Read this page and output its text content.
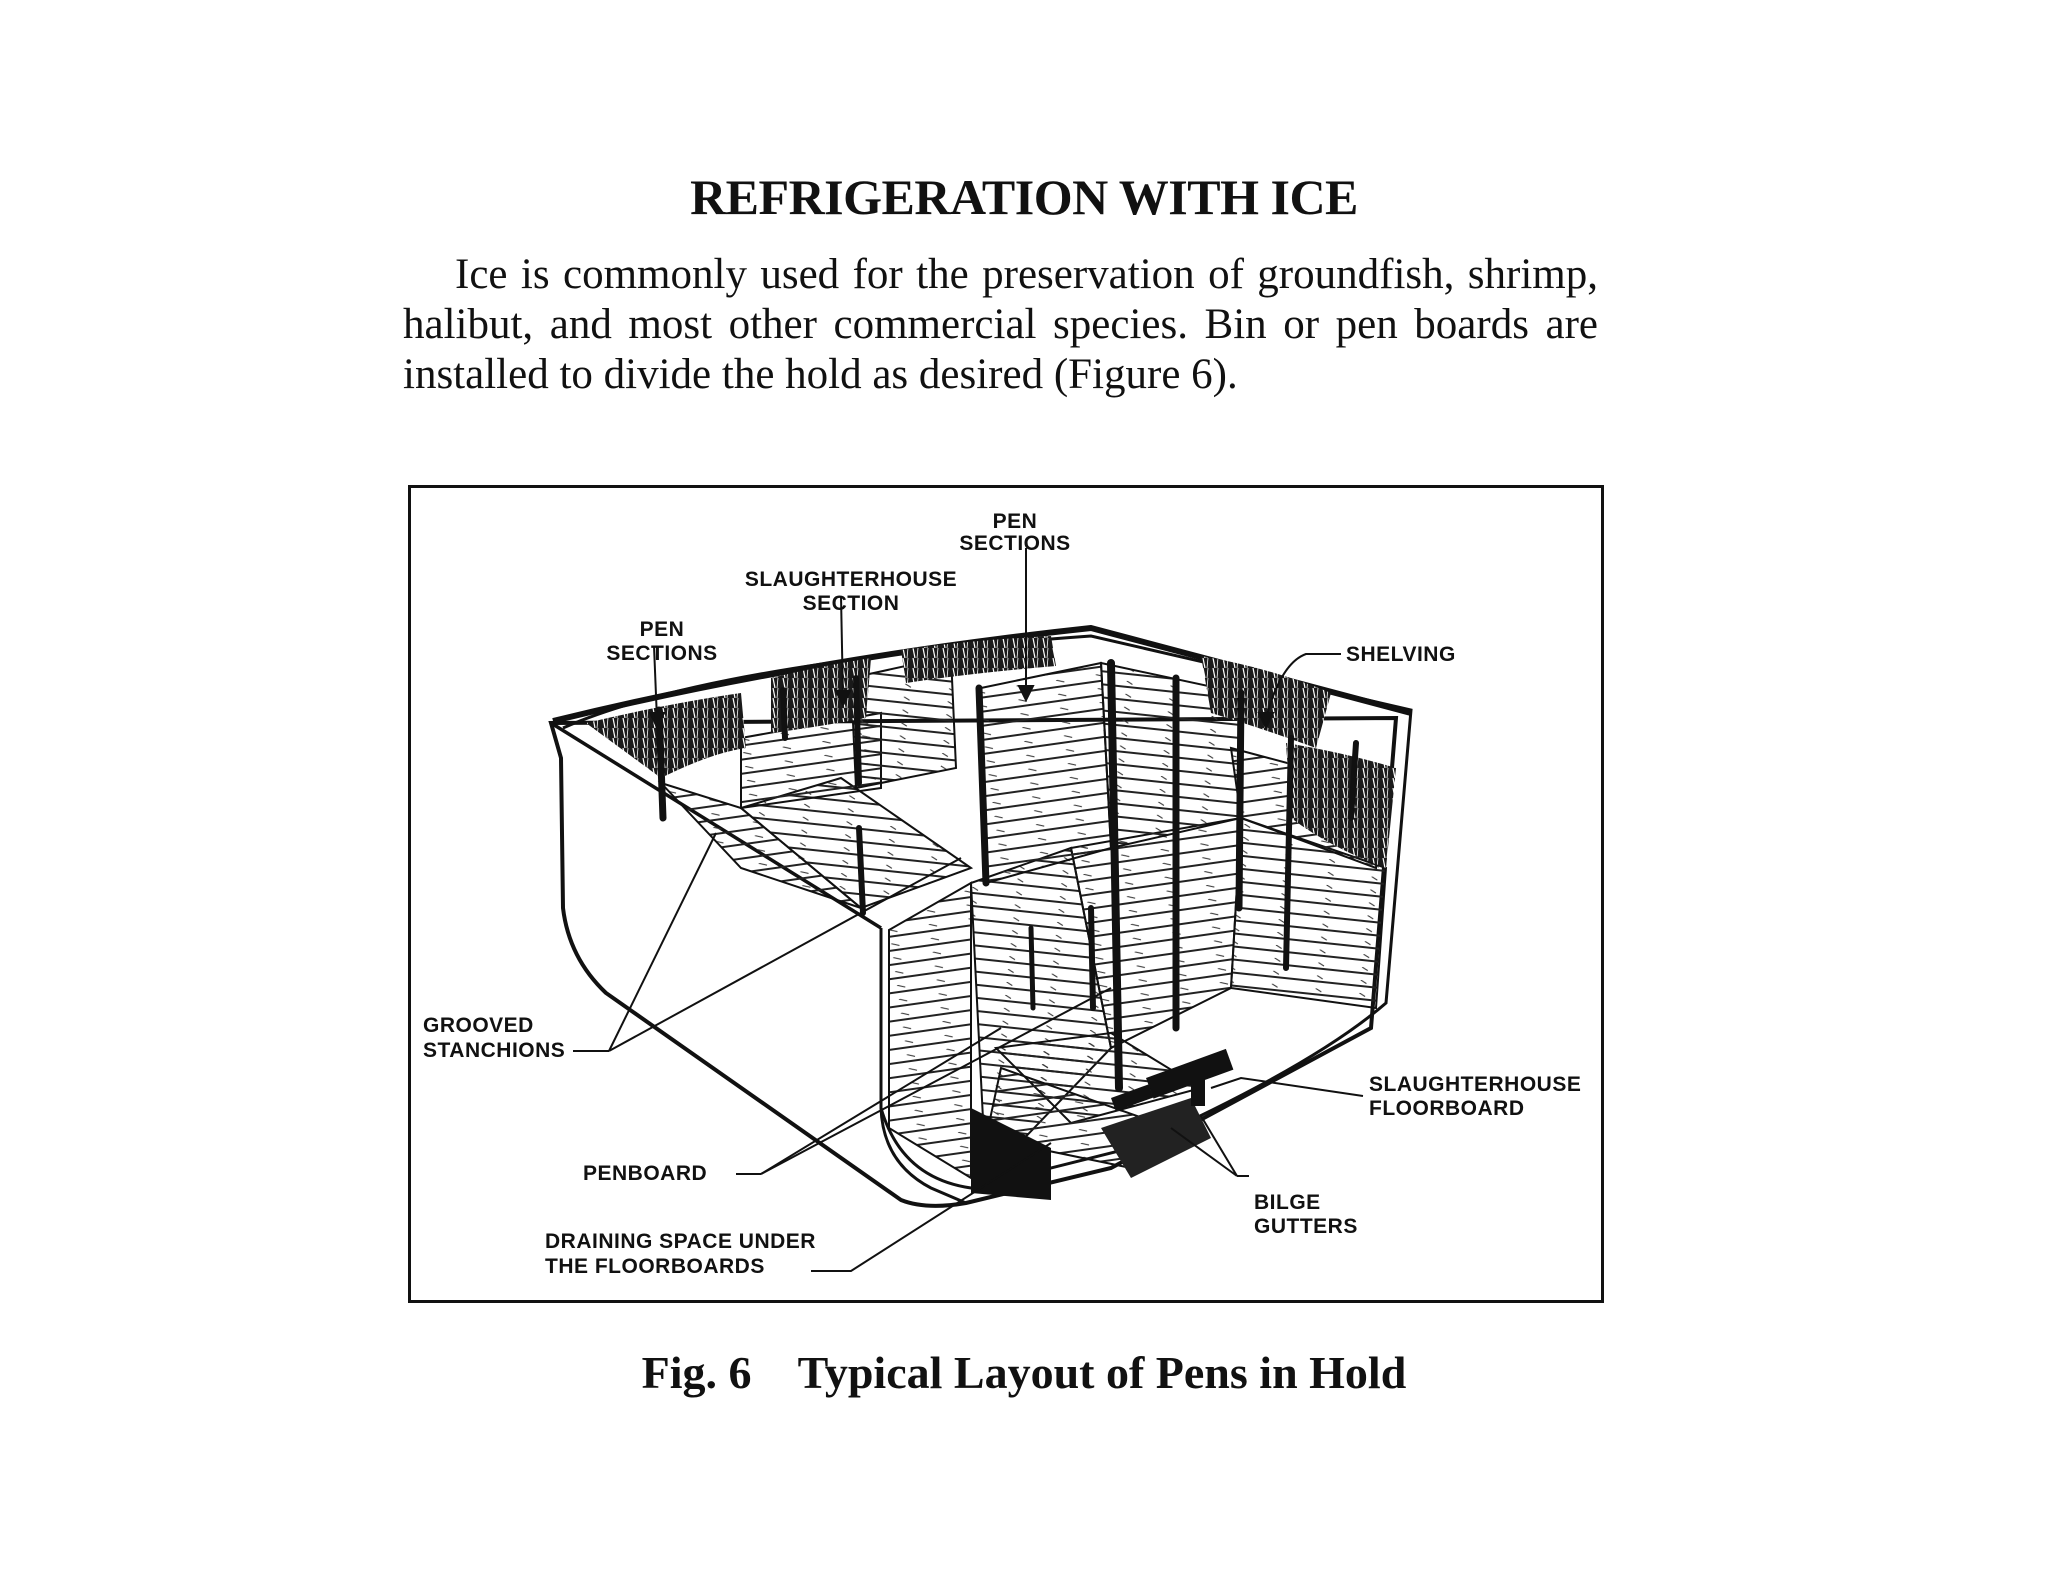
REFRIGERATION WITH ICE
Ice is commonly used for the preservation of groundfish, shrimp, halibut, and most other commercial species. Bin or pen boards are installed to divide the hold as desired (Figure 6).
PEN
SECTIONS
SLAUGHTERHOUSE
SECTION
PEN
SECTIONS	SHELVING
GROOVED
STANCHIONS
SLAUGHTERHOUSE
FLOORBOARD
PENBOARD
BILGE
GUTTERS
DRAINING SPACE UNDER
THE FLOORBOARDS
Fig. 6 Typical Layout of Pens in Hold
